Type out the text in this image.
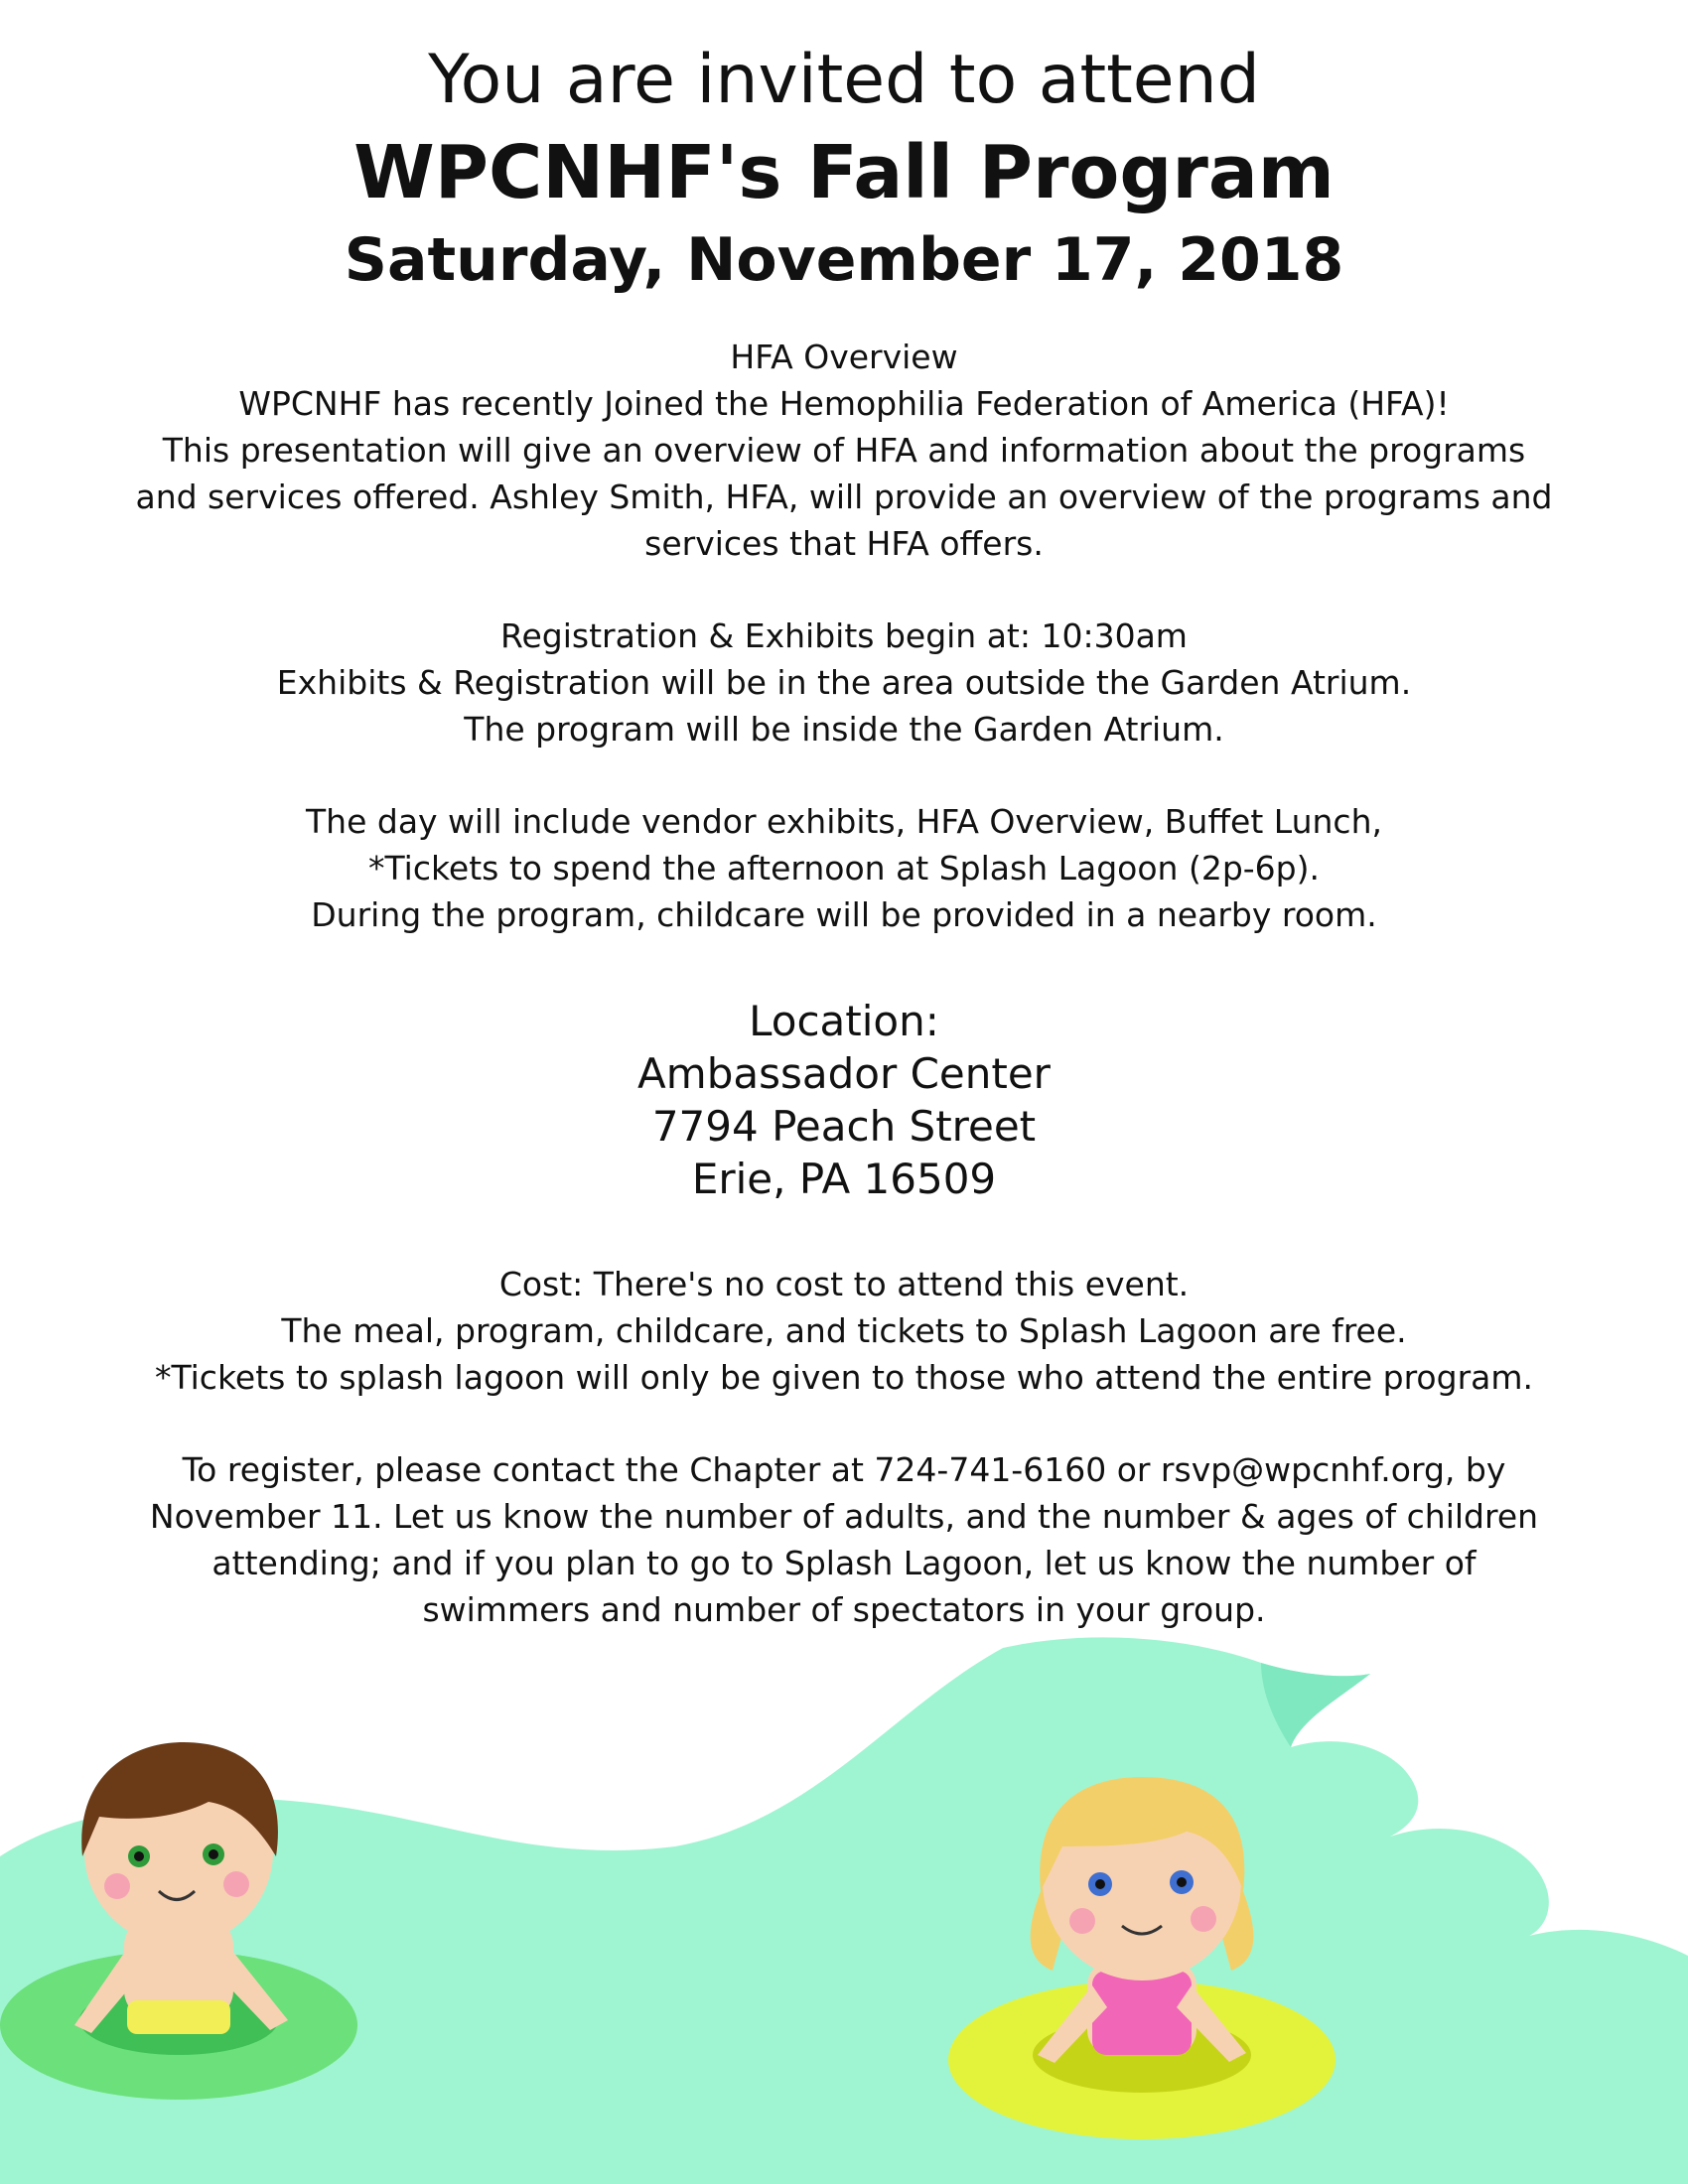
You are invited to attend
WPCNHF's Fall Program
Saturday, November 17, 2018
HFA Overview
WPCNHF has recently Joined the Hemophilia Federation of America (HFA)!
This presentation will give an overview of HFA and information about the programs
and services offered. Ashley Smith, HFA, will provide an overview of the programs and
services that HFA offers.
Registration & Exhibits begin at: 10:30am
Exhibits & Registration will be in the area outside the Garden Atrium.
The program will be inside the Garden Atrium.
The day will include vendor exhibits, HFA Overview, Buffet Lunch,
*Tickets to spend the afternoon at Splash Lagoon (2p-6p).
During the program, childcare will be provided in a nearby room.
Location:
Ambassador Center
7794 Peach Street
Erie, PA 16509
Cost: There's no cost to attend this event.
The meal, program, childcare, and tickets to Splash Lagoon are free.
*Tickets to splash lagoon will only be given to those who attend the entire program.
To register, please contact the Chapter at 724-741-6160 or rsvp@wpcnhf.org, by
November 11. Let us know the number of adults, and the number & ages of children
attending; and if you plan to go to Splash Lagoon, let us know the number of
swimmers and number of spectators in your group.
